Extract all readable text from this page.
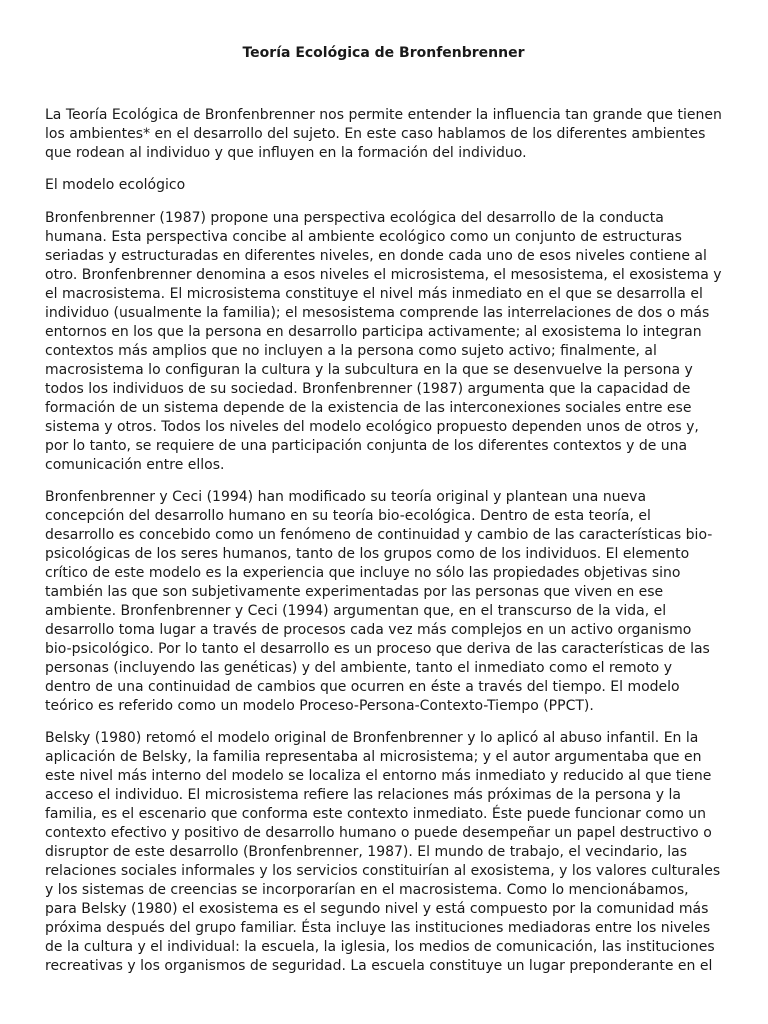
Teoría Ecológica de Bronfenbrenner

La Teoría Ecológica de Bronfenbrenner nos permite entender la influencia tan grande que tienen los ambientes* en el desarrollo del sujeto. En este caso hablamos de los diferentes ambientes que rodean al individuo y que influyen en la formación del individuo.

El modelo ecológico

Bronfenbrenner (1987) propone una perspectiva ecológica del desarrollo de la conducta humana. Esta perspectiva concibe al ambiente ecológico como un conjunto de estructuras seriadas y estructuradas en diferentes niveles, en donde cada uno de esos niveles contiene al otro. Bronfenbrenner denomina a esos niveles el microsistema, el mesosistema, el exosistema y el macrosistema. El microsistema constituye el nivel más inmediato en el que se desarrolla el individuo (usualmente la familia); el mesosistema comprende las interrelaciones de dos o más entornos en los que la persona en desarrollo participa activamente; al exosistema lo integran contextos más amplios que no incluyen a la persona como sujeto activo; finalmente, al macrosistema lo configuran la cultura y la subcultura en la que se desenvuelve la persona y todos los individuos de su sociedad. Bronfenbrenner (1987) argumenta que la capacidad de formación de un sistema depende de la existencia de las interconexiones sociales entre ese sistema y otros. Todos los niveles del modelo ecológico propuesto dependen unos de otros y, por lo tanto, se requiere de una participación conjunta de los diferentes contextos y de una comunicación entre ellos.

Bronfenbrenner y Ceci (1994) han modificado su teoría original y plantean una nueva concepción del desarrollo humano en su teoría bio-ecológica. Dentro de esta teoría, el desarrollo es concebido como un fenómeno de continuidad y cambio de las características bio-psicológicas de los seres humanos, tanto de los grupos como de los individuos. El elemento crítico de este modelo es la experiencia que incluye no sólo las propiedades objetivas sino también las que son subjetivamente experimentadas por las personas que viven en ese ambiente. Bronfenbrenner y Ceci (1994) argumentan que, en el transcurso de la vida, el desarrollo toma lugar a través de procesos cada vez más complejos en un activo organismo bio-psicológico. Por lo tanto el desarrollo es un proceso que deriva de las características de las personas (incluyendo las genéticas) y del ambiente, tanto el inmediato como el remoto y dentro de una continuidad de cambios que ocurren en éste a través del tiempo. El modelo teórico es referido como un modelo Proceso-Persona-Contexto-Tiempo (PPCT).

Belsky (1980) retomó el modelo original de Bronfenbrenner y lo aplicó al abuso infantil. En la aplicación de Belsky, la familia representaba al microsistema; y el autor argumentaba que en este nivel más interno del modelo se localiza el entorno más inmediato y reducido al que tiene acceso el individuo. El microsistema refiere las relaciones más próximas de la persona y la familia, es el escenario que conforma este contexto inmediato. Éste puede funcionar como un contexto efectivo y positivo de desarrollo humano o puede desempeñar un papel destructivo o disruptor de este desarrollo (Bronfenbrenner, 1987). El mundo de trabajo, el vecindario, las relaciones sociales informales y los servicios constituirían al exosistema, y los valores culturales y los sistemas de creencias se incorporarían en el macrosistema. Como lo mencionábamos, para Belsky (1980) el exosistema es el segundo nivel y está compuesto por la comunidad más próxima después del grupo familiar. Ésta incluye las instituciones mediadoras entre los niveles de la cultura y el individual: la escuela, la iglesia, los medios de comunicación, las instituciones recreativas y los organismos de seguridad. La escuela constituye un lugar preponderante en el
